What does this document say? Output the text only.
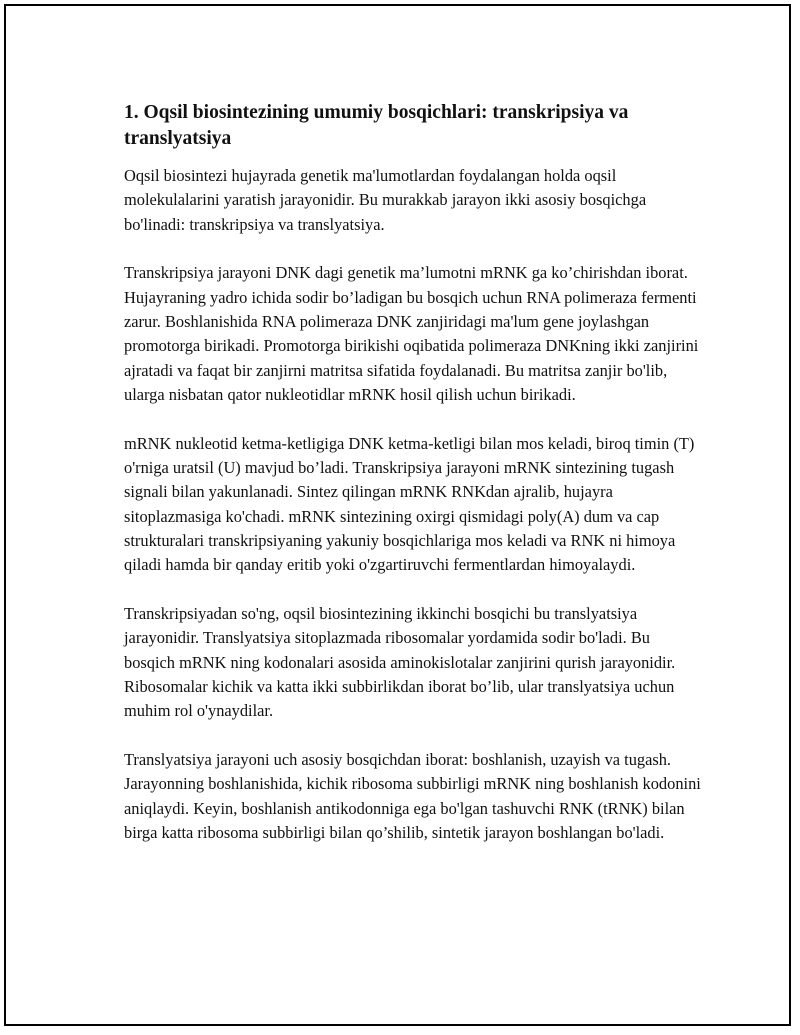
1. Oqsil biosintezining umumiy bosqichlari: transkripsiya va translyatsiya

Oqsil biosintezi hujayrada genetik ma'lumotlardan foydalangan holda oqsil molekulalarini yaratish jarayonidir. Bu murakkab jarayon ikki asosiy bosqichga bo'linadi: transkripsiya va translyatsiya.

Transkripsiya jarayoni DNK dagi genetik ma’lumotni mRNK ga ko’chirishdan iborat. Hujayraning yadro ichida sodir bo’ladigan bu bosqich uchun RNA polimeraza fermenti zarur. Boshlanishida RNA polimeraza DNK zanjiridagi ma'lum gene joylashgan promotorga birikadi. Promotorga birikishi oqibatida polimeraza DNKning ikki zanjirini ajratadi va faqat bir zanjirni matritsa sifatida foydalanadi. Bu matritsa zanjir bo'lib, ularga nisbatan qator nukleotidlar mRNK hosil qilish uchun birikadi.

mRNK nukleotid ketma-ketligiga DNK ketma-ketligi bilan mos keladi, biroq timin (T) o'rniga uratsil (U) mavjud bo’ladi. Transkripsiya jarayoni mRNK sintezining tugash signali bilan yakunlanadi. Sintez qilingan mRNK RNKdan ajralib, hujayra sitoplazmasiga ko'chadi. mRNK sintezining oxirgi qismidagi poly(A) dum va cap strukturalari transkripsiyaning yakuniy bosqichlariga mos keladi va RNK ni himoya qiladi hamda bir qanday eritib yoki o'zgartiruvchi fermentlardan himoyalaydi.

Transkripsiyadan so'ng, oqsil biosintezining ikkinchi bosqichi bu translyatsiya jarayonidir. Translyatsiya sitoplazmada ribosomalar yordamida sodir bo'ladi. Bu bosqich mRNK ning kodonalari asosida aminokislotalar zanjirini qurish jarayonidir. Ribosomalar kichik va katta ikki subbirlikdan iborat bo’lib, ular translyatsiya uchun muhim rol o'ynaydilar.

Translyatsiya jarayoni uch asosiy bosqichdan iborat: boshlanish, uzayish va tugash. Jarayonning boshlanishida, kichik ribosoma subbirligi mRNK ning boshlanish kodonini aniqlaydi. Keyin, boshlanish antikodonniga ega bo'lgan tashuvchi RNK (tRNK) bilan birga katta ribosoma subbirligi bilan qo’shilib, sintetik jarayon boshlangan bo'ladi.
